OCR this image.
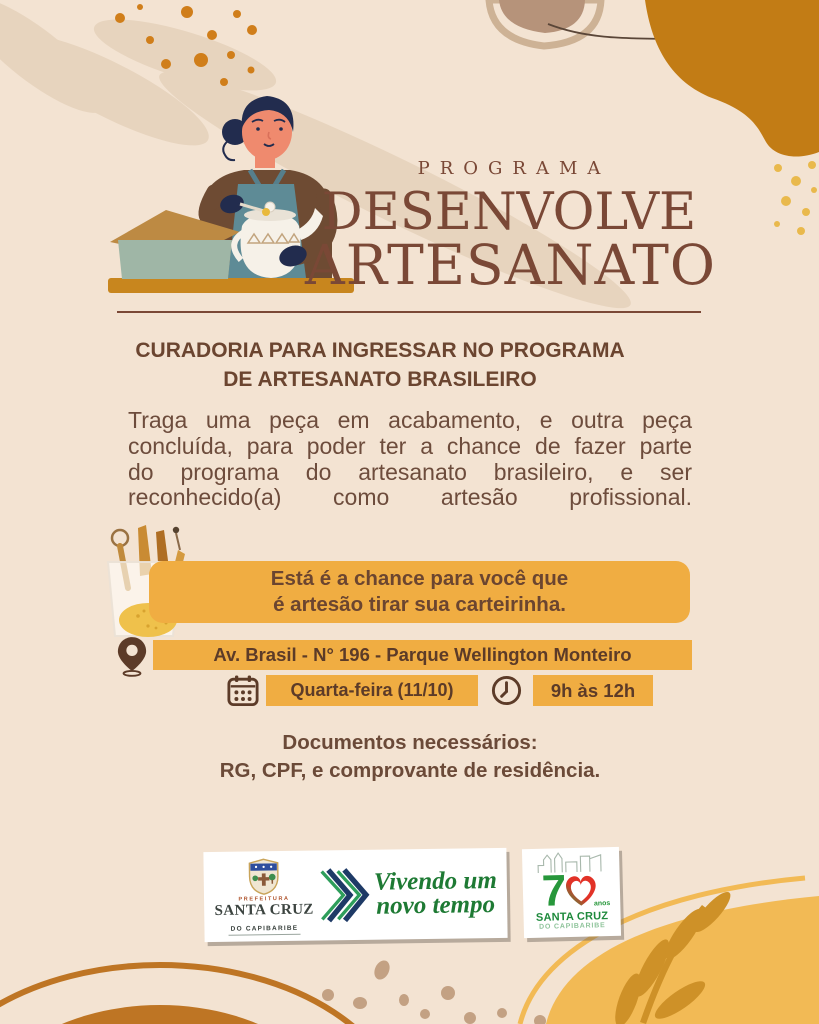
PROGRAMA
DESENVOLVE
ARTESANATO
CURADORIA PARA INGRESSAR NO PROGRAMA
DE ARTESANATO BRASILEIRO
Traga uma peça em acabamento, e outra peça
concluída, para poder ter a chance de fazer parte
do programa do artesanato brasileiro, e ser
reconhecido(a) como artesão profissional.
Está é a chance para você que
é artesão tirar sua carteirinha.
Av. Brasil - N° 196 - Parque Wellington Monteiro
Quarta-feira (11/10)	9h às 12h
Documentos necessários:
RG, CPF, e comprovante de residência.
PREFEITURA
SANTA CRUZ
DO CAPIBARIBE
Vivendo um
novo tempo 7	anos
SANTA CRUZ
DO CAPIBARIBE
